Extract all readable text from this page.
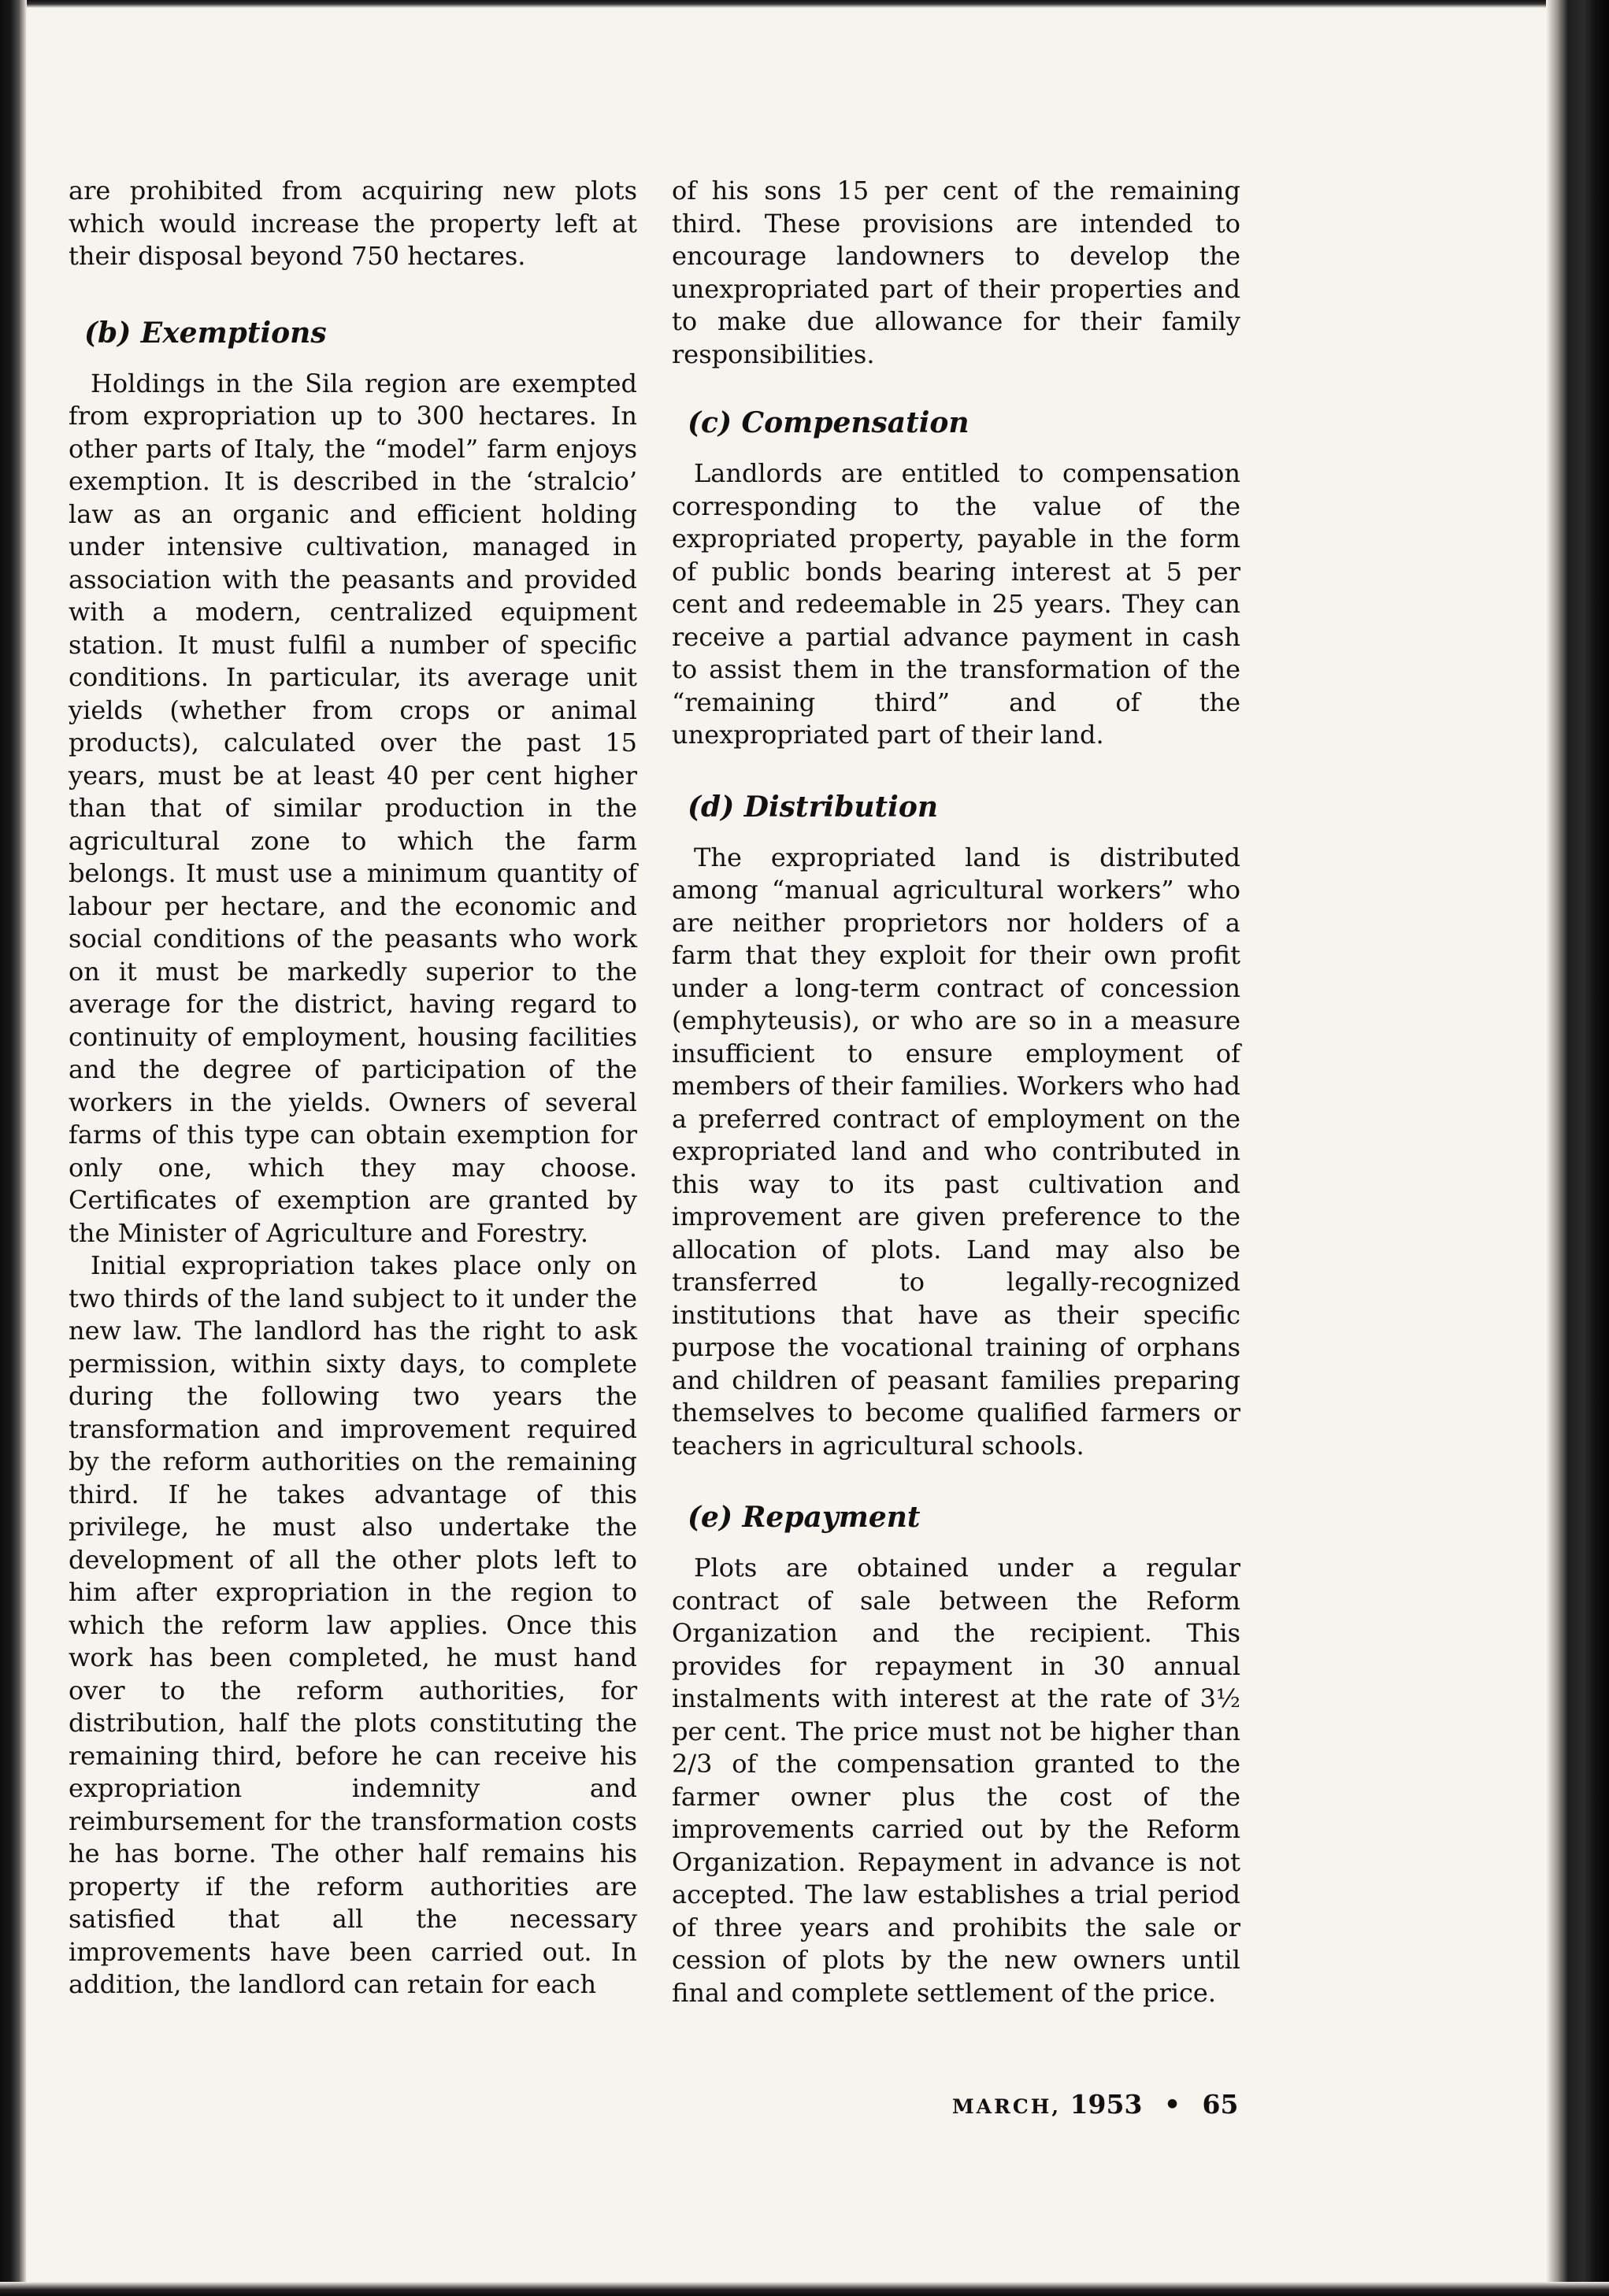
are prohibited from acquiring new plots which would increase the property left at their disposal beyond 750 hectares.

(b) Exemptions

Holdings in the Sila region are exempted from expropriation up to 300 hectares. In other parts of Italy, the “model” farm enjoys exemption. It is described in the ‘stralcio’ law as an organic and efficient holding under intensive cultivation, managed in association with the peasants and provided with a modern, centralized equipment station. It must fulfil a number of specific conditions. In particular, its average unit yields (whether from crops or animal products), calculated over the past 15 years, must be at least 40 per cent higher than that of similar production in the agricultural zone to which the farm belongs. It must use a minimum quantity of labour per hectare, and the economic and social conditions of the peasants who work on it must be markedly superior to the average for the district, having regard to continuity of employment, housing facilities and the degree of participation of the workers in the yields. Owners of several farms of this type can obtain exemption for only one, which they may choose. Certificates of exemption are granted by the Minister of Agriculture and Forestry.

Initial expropriation takes place only on two thirds of the land subject to it under the new law. The landlord has the right to ask permission, within sixty days, to complete during the following two years the transformation and improvement required by the reform authorities on the remaining third. If he takes advantage of this privilege, he must also undertake the development of all the other plots left to him after expropriation in the region to which the reform law applies. Once this work has been completed, he must hand over to the reform authorities, for distribution, half the plots constituting the remaining third, before he can receive his expropriation indemnity and reimbursement for the transformation costs he has borne. The other half remains his property if the reform authorities are satisfied that all the necessary improvements have been carried out. In addition, the landlord can retain for each

of his sons 15 per cent of the remaining third. These provisions are intended to encourage landowners to develop the unexpropriated part of their properties and to make due allowance for their family responsibilities.

(c) Compensation

Landlords are entitled to compensation corresponding to the value of the expropriated property, payable in the form of public bonds bearing interest at 5 per cent and redeemable in 25 years. They can receive a partial advance payment in cash to assist them in the transformation of the “remaining third” and of the unexpropriated part of their land.

(d) Distribution

The expropriated land is distributed among “manual agricultural workers” who are neither proprietors nor holders of a farm that they exploit for their own profit under a long-term contract of concession (emphyteusis), or who are so in a measure insufficient to ensure employment of members of their families. Workers who had a preferred contract of employment on the expropriated land and who contributed in this way to its past cultivation and improvement are given preference to the allocation of plots. Land may also be transferred to legally-recognized institutions that have as their specific purpose the vocational training of orphans and children of peasant families preparing themselves to become qualified farmers or teachers in agricultural schools.

(e) Repayment

Plots are obtained under a regular contract of sale between the Reform Organization and the recipient. This provides for repayment in 30 annual instalments with interest at the rate of 3½ per cent. The price must not be higher than 2/3 of the compensation granted to the farmer owner plus the cost of the improvements carried out by the Reform Organization. Repayment in advance is not accepted. The law establishes a trial period of three years and prohibits the sale or cession of plots by the new owners until final and complete settlement of the price.

MARCH, 1953 • 65
